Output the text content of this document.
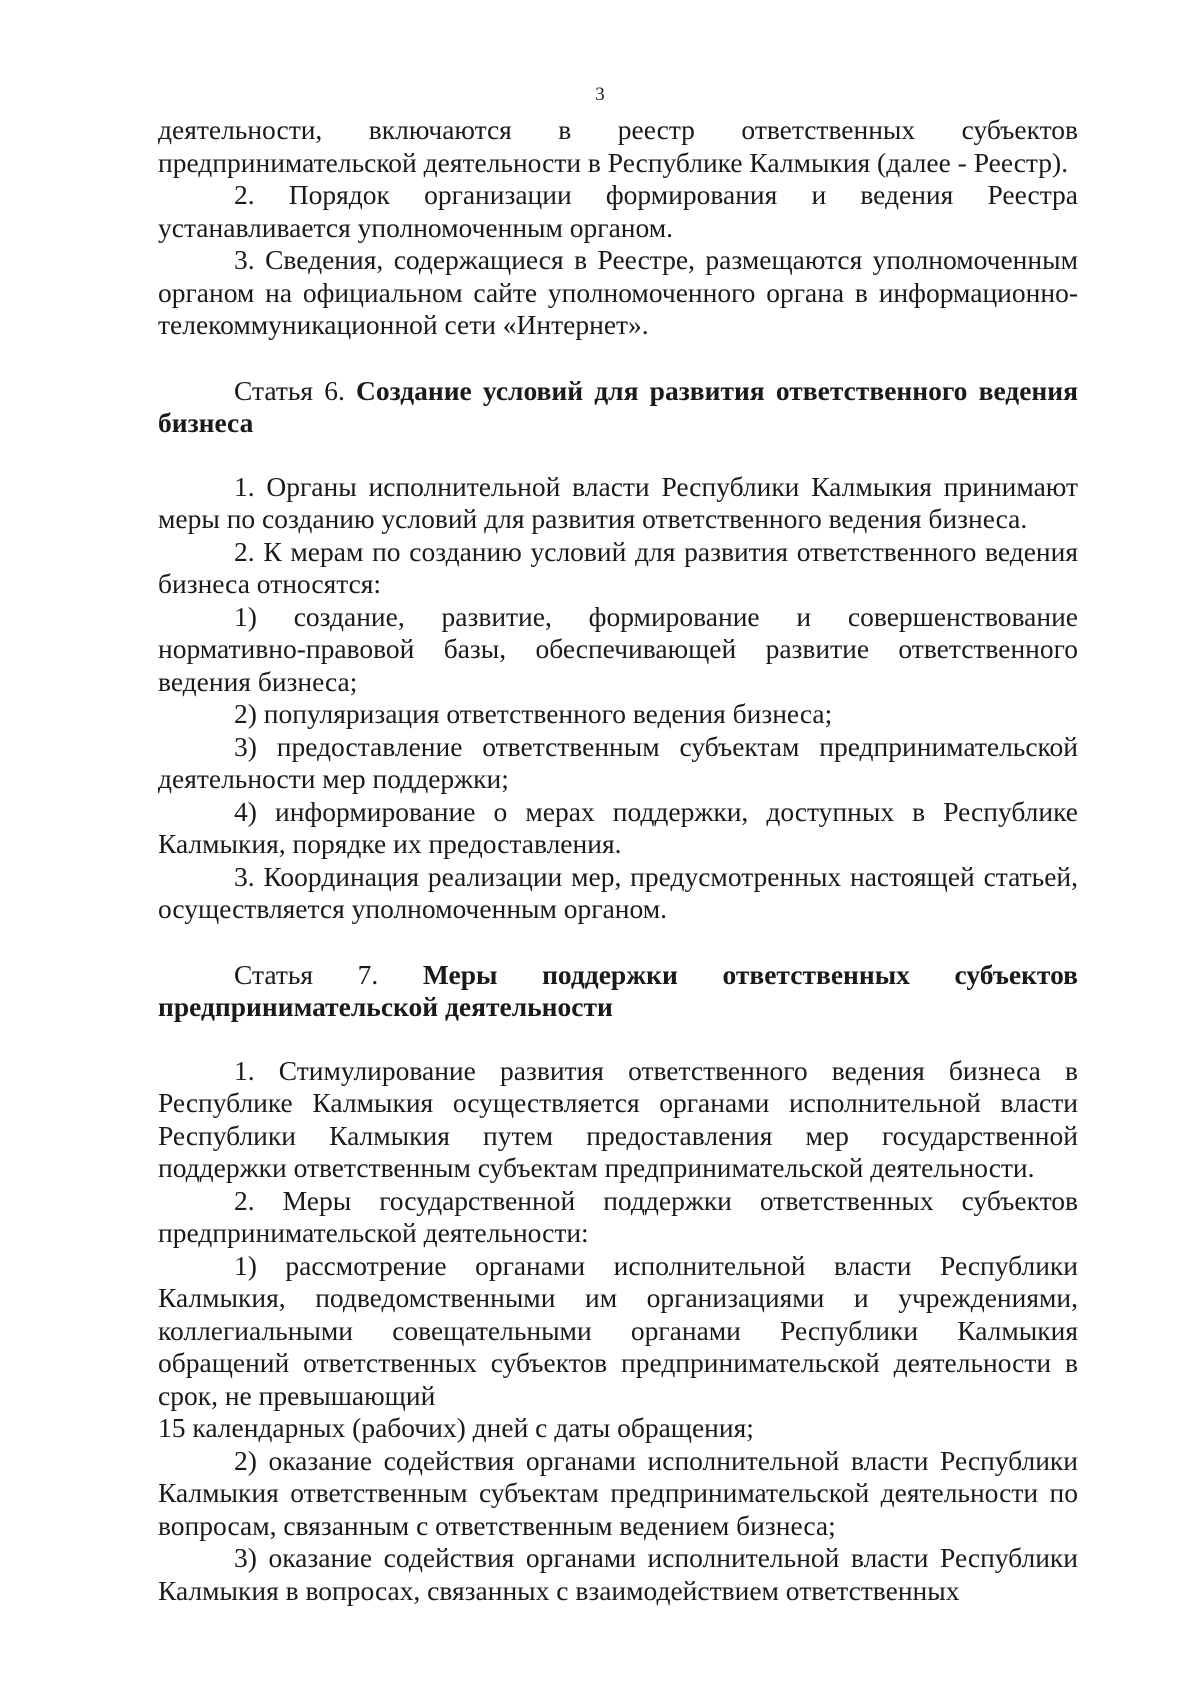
3

деятельности, включаются в реестр ответственных субъектов предпринимательской деятельности в Республике Калмыкия (далее - Реестр).

2. Порядок организации формирования и ведения Реестра устанавливается уполномоченным органом.

3. Сведения, содержащиеся в Реестре, размещаются уполномоченным органом на официальном сайте уполномоченного органа в информационно-телекоммуникационной сети «Интернет».

Статья 6. Создание условий для развития ответственного ведения бизнеса

1. Органы исполнительной власти Республики Калмыкия принимают меры по созданию условий для развития ответственного ведения бизнеса.

2. К мерам по созданию условий для развития ответственного ведения бизнеса относятся:

1) создание, развитие, формирование и совершенствование нормативно-правовой базы, обеспечивающей развитие ответственного ведения бизнеса;

2) популяризация ответственного ведения бизнеса;

3) предоставление ответственным субъектам предпринимательской деятельности мер поддержки;

4) информирование о мерах поддержки, доступных в Республике Калмыкия, порядке их предоставления.

3. Координация реализации мер, предусмотренных настоящей статьей, осуществляется уполномоченным органом.

Статья 7. Меры поддержки ответственных субъектов предпринимательской деятельности

1. Стимулирование развития ответственного ведения бизнеса в Республике Калмыкия осуществляется органами исполнительной власти Республики Калмыкия путем предоставления мер государственной поддержки ответственным субъектам предпринимательской деятельности.

2. Меры государственной поддержки ответственных субъектов предпринимательской деятельности:

1) рассмотрение органами исполнительной власти Республики Калмыкия, подведомственными им организациями и учреждениями, коллегиальными совещательными органами Республики Калмыкия обращений ответственных субъектов предпринимательской деятельности в срок, не превышающий

15 календарных (рабочих) дней с даты обращения;

2) оказание содействия органами исполнительной власти Республики Калмыкия ответственным субъектам предпринимательской деятельности по вопросам, связанным с ответственным ведением бизнеса;

3) оказание содействия органами исполнительной власти Республики Калмыкия в вопросах, связанных с взаимодействием ответственных
